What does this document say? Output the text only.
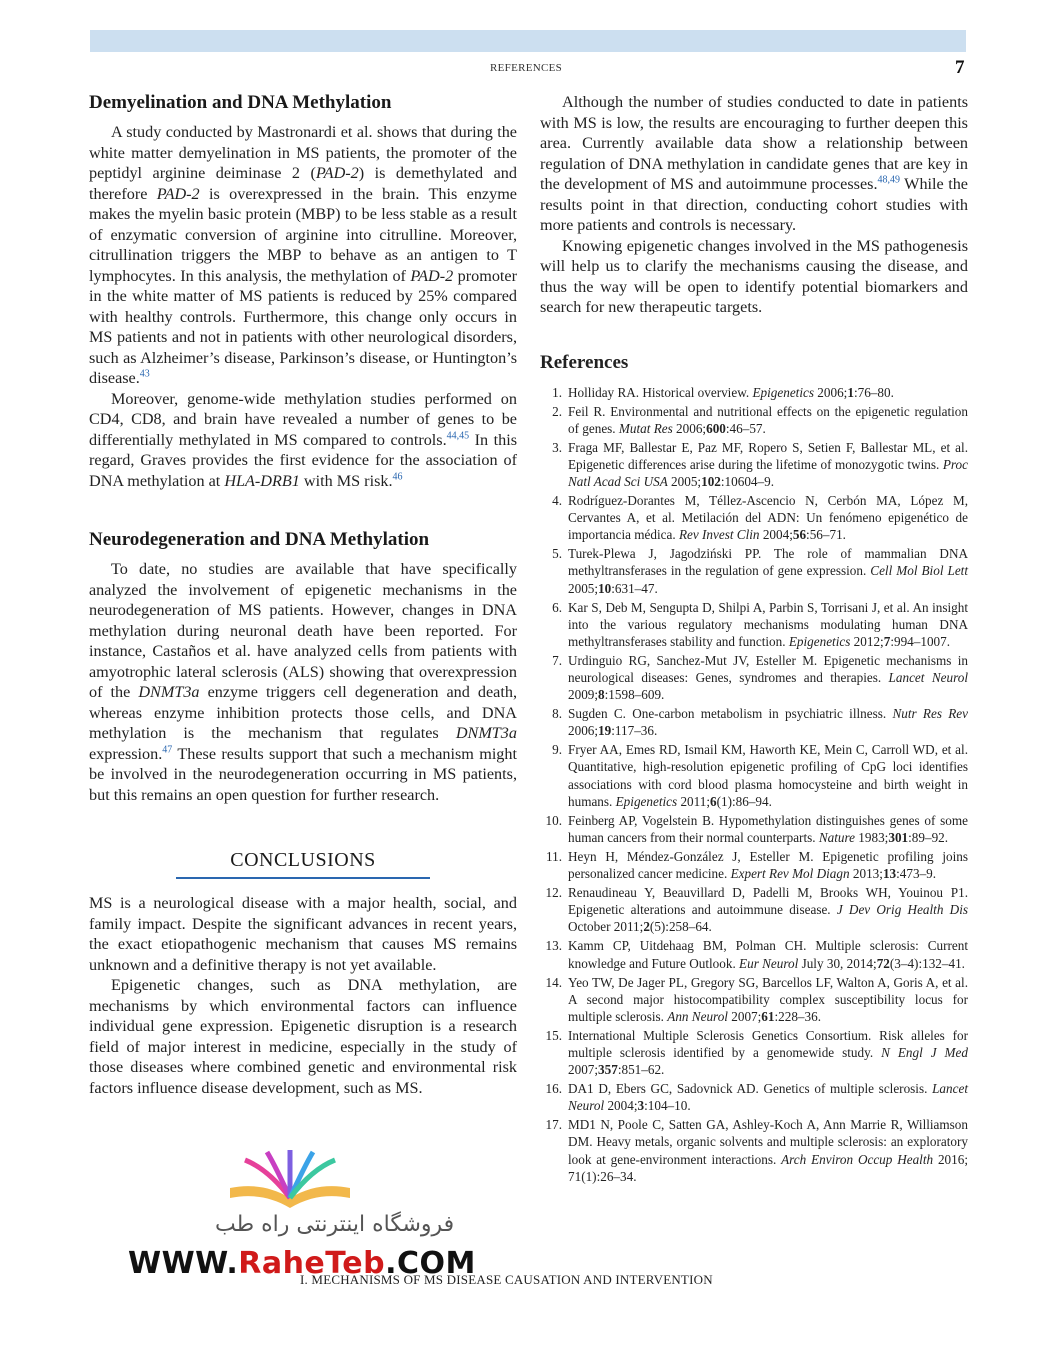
REFERENCES	7
Demyelination and DNA Methylation

A study conducted by Mastronardi et al. shows that during the white matter demyelination in MS patients, the promoter of the peptidyl arginine deiminase 2 (PAD-2) is demethylated and therefore PAD-2 is overexpressed in the brain. This enzyme makes the myelin basic protein (MBP) to be less stable as a result of enzymatic conversion of arginine into citrulline. Moreover, citrullination triggers the MBP to behave as an antigen to T lymphocytes. In this analysis, the methylation of PAD-2 promoter in the white matter of MS patients is reduced by 25% compared with healthy controls. Furthermore, this change only occurs in MS patients and not in patients with other neurological disorders, such as Alzheimer’s disease, Parkinson’s disease, or Huntington’s disease.$^{43}$

Moreover, genome-wide methylation studies performed on CD4, CD8, and brain have revealed a number of genes to be differentially methylated in MS compared to controls.$^{44,45}$ In this regard, Graves provides the first evidence for the association of DNA methylation at HLA-DRB1 with MS risk.$^{46}$

Neurodegeneration and DNA Methylation

To date, no studies are available that have specifically analyzed the involvement of epigenetic mechanisms in the neurodegeneration of MS patients. However, changes in DNA methylation during neuronal death have been reported. For instance, Castaños et al. have analyzed cells from patients with amyotrophic lateral sclerosis (ALS) showing that overexpression of the DNMT3a enzyme triggers cell degeneration and death, whereas enzyme inhibition protects those cells, and DNA methylation is the mechanism that regulates DNMT3a expression.$^{47}$ These results support that such a mechanism might be involved in the neurodegeneration occurring in MS patients, but this remains an open question for further research.

CONCLUSIONS

MS is a neurological disease with a major health, social, and family impact. Despite the significant advances in recent years, the exact etiopathogenic mechanism that causes MS remains unknown and a definitive therapy is not yet available.

Epigenetic changes, such as DNA methylation, are mechanisms by which environmental factors can influence individual gene expression. Epigenetic disruption is a research field of major interest in medicine, especially in the study of those diseases where combined genetic and environmental risk factors influence disease development, such as MS.

Although the number of studies conducted to date in patients with MS is low, the results are encouraging to further deepen this area. Currently available data show a relationship between regulation of DNA methylation in candidate genes that are key in the development of MS and autoimmune processes.$^{48,49}$ While the results point in that direction, conducting cohort studies with more patients and controls is necessary.

Knowing epigenetic changes involved in the MS pathogenesis will help us to clarify the mechanisms causing the disease, and thus the way will be open to identify potential biomarkers and search for new therapeutic targets.

References
1. Holliday RA. Historical overview. Epigenetics 2006;1:76–80.
2. Feil R. Environmental and nutritional effects on the epigenetic regulation of genes. Mutat Res 2006;600:46–57.
3. Fraga MF, Ballestar E, Paz MF, Ropero S, Setien F, Ballestar ML, et al. Epigenetic differences arise during the lifetime of monozygotic twins. Proc Natl Acad Sci USA 2005;102:10604–9.
4. Rodríguez-Dorantes M, Téllez-Ascencio N, Cerbón MA, López M, Cervantes A, et al. Metilación del ADN: Un fenómeno epigenético de importancia médica. Rev Invest Clin 2004;56:56–71.
5. Turek-Plewa J, Jagodziński PP. The role of mammalian DNA methyltransferases in the regulation of gene expression. Cell Mol Biol Lett 2005;10:631–47.
6. Kar S, Deb M, Sengupta D, Shilpi A, Parbin S, Torrisani J, et al. An insight into the various regulatory mechanisms modulating human DNA methyltransferases stability and function. Epigenetics 2012;7:994–1007.
7. Urdinguio RG, Sanchez-Mut JV, Esteller M. Epigenetic mechanisms in neurological diseases: Genes, syndromes and therapies. Lancet Neurol 2009;8:1598–609.
8. Sugden C. One-carbon metabolism in psychiatric illness. Nutr Res Rev 2006;19:117–36.
9. Fryer AA, Emes RD, Ismail KM, Haworth KE, Mein C, Carroll WD, et al. Quantitative, high-resolution epigenetic profiling of CpG loci identifies associations with cord blood plasma homocysteine and birth weight in humans. Epigenetics 2011;6(1):86–94.
10. Feinberg AP, Vogelstein B. Hypomethylation distinguishes genes of some human cancers from their normal counterparts. Nature 1983;301:89–92.
11. Heyn H, Méndez-González J, Esteller M. Epigenetic profiling joins personalized cancer medicine. Expert Rev Mol Diagn 2013;13:473–9.
12. Renaudineau Y, Beauvillard D, Padelli M, Brooks WH, Youinou P1. Epigenetic alterations and autoimmune disease. J Dev Orig Health Dis October 2011;2(5):258–64.
13. Kamm CP, Uitdehaag BM, Polman CH. Multiple sclerosis: Current knowledge and Future Outlook. Eur Neurol July 30, 2014;72(3–4):132–41.
14. Yeo TW, De Jager PL, Gregory SG, Barcellos LF, Walton A, Goris A, et al. A second major histocompatibility complex susceptibility locus for multiple sclerosis. Ann Neurol 2007;61:228–36.
15. International Multiple Sclerosis Genetics Consortium. Risk alleles for multiple sclerosis identified by a genomewide study. N Engl J Med 2007;357:851–62.
16. DA1 D, Ebers GC, Sadovnick AD. Genetics of multiple sclerosis. Lancet Neurol 2004;3:104–10.
17. MD1 N, Poole C, Satten GA, Ashley-Koch A, Ann Marrie R, Williamson DM. Heavy metals, organic solvents and multiple sclerosis: an exploratory look at gene-environment interactions. Arch Environ Occup Health 2016; 71(1):26–34.
فروشگاه اینترنتی راه طب
WWW.RaheTeb.COM
I. MECHANISMS OF MS DISEASE CAUSATION AND INTERVENTION
